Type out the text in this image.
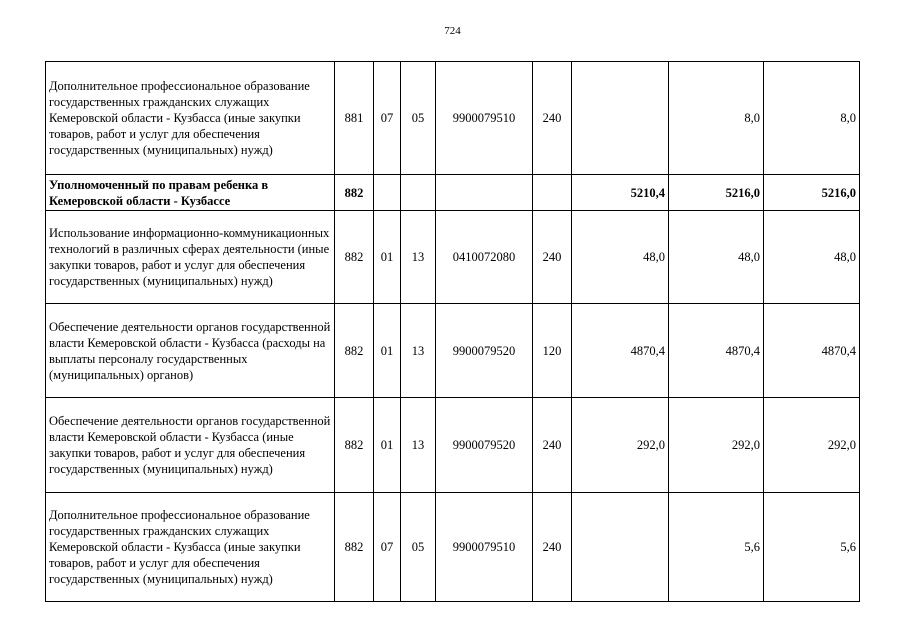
724
Дополнительное профессиональное образование государственных гражданских служащих Кемеровской области - Кузбасса (иные закупки товаров, работ и услуг для обеспечения государственных (муниципальных) нужд)	881	07	05	9900079510	240		8,0	8,0
Уполномоченный по правам ребенка в Кемеровской области - Кузбассе	882					5210,4	5216,0	5216,0
Использование информационно-коммуникационных технологий в различных сферах деятельности (иные закупки товаров, работ и услуг для обеспечения государственных (муниципальных) нужд)	882	01	13	0410072080	240	48,0	48,0	48,0
Обеспечение деятельности органов государственной власти Кемеровской области - Кузбасса (расходы на выплаты персоналу государственных (муниципальных) органов)	882	01	13	9900079520	120	4870,4	4870,4	4870,4
Обеспечение деятельности органов государственной власти Кемеровской области - Кузбасса (иные закупки товаров, работ и услуг для обеспечения государственных (муниципальных) нужд)	882	01	13	9900079520	240	292,0	292,0	292,0
Дополнительное профессиональное образование государственных гражданских служащих Кемеровской области - Кузбасса (иные закупки товаров, работ и услуг для обеспечения государственных (муниципальных) нужд)	882	07	05	9900079510	240		5,6	5,6
